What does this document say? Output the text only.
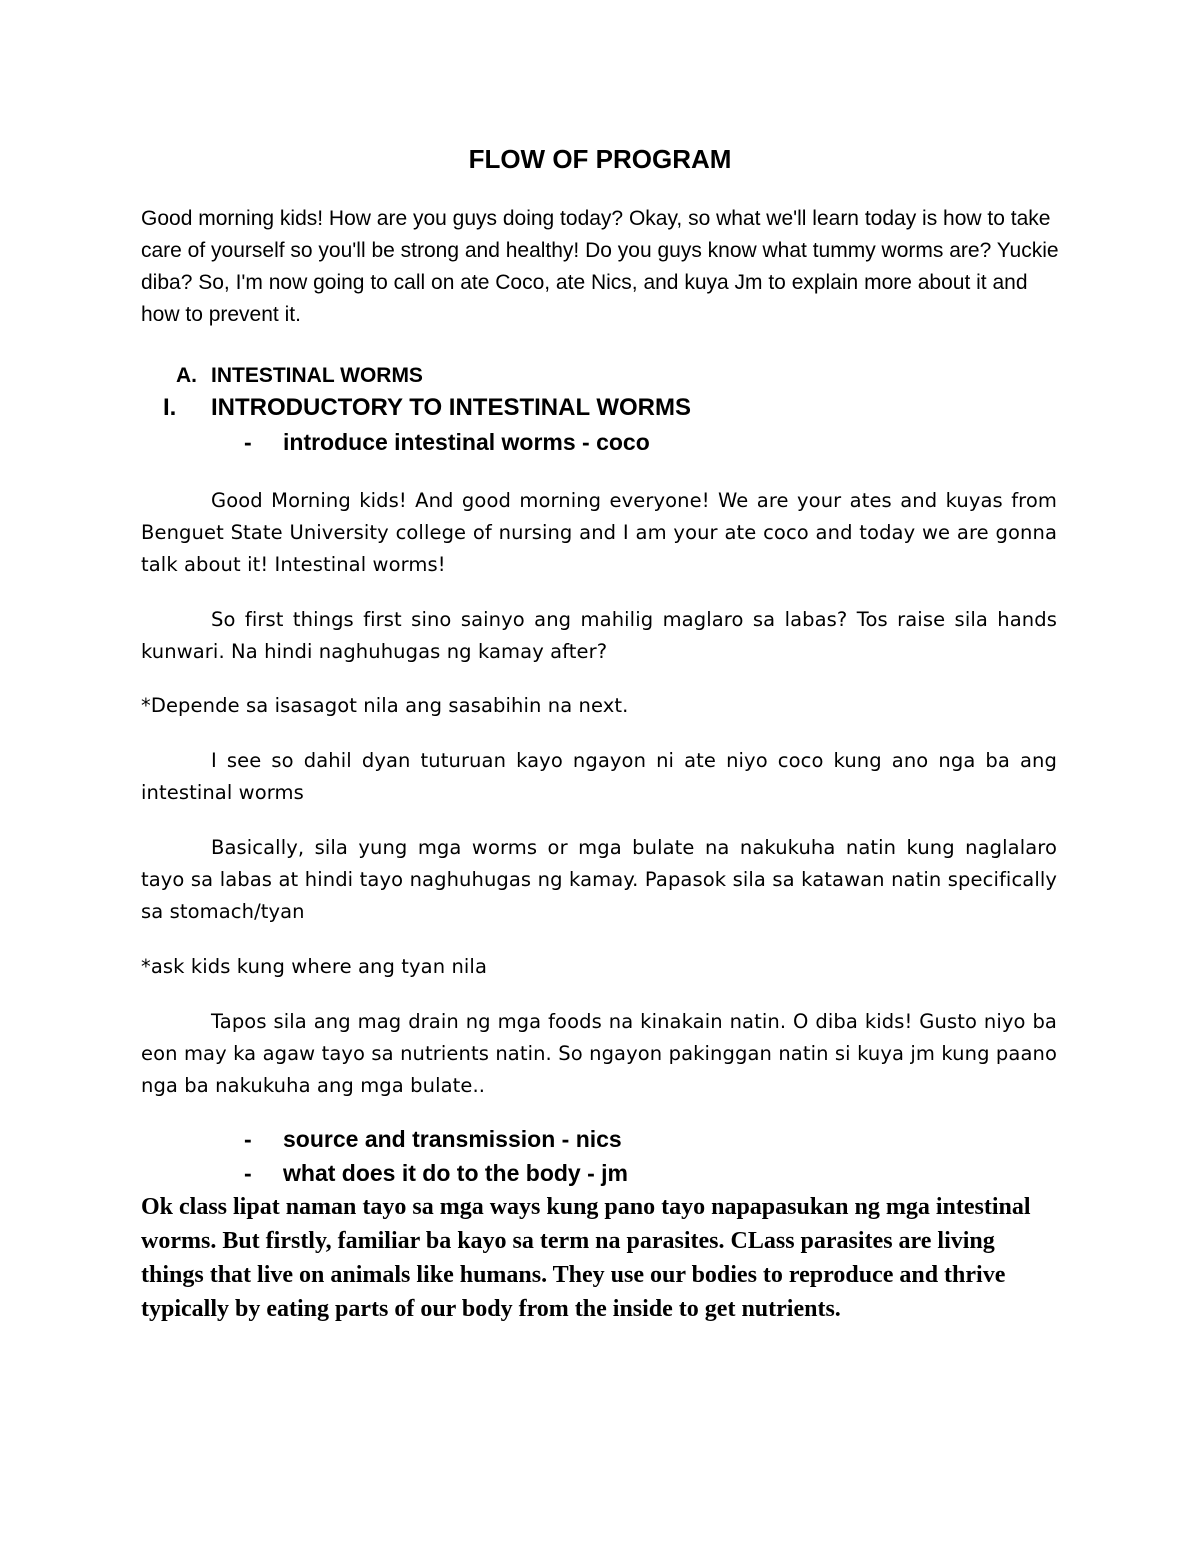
FLOW OF PROGRAM
Good morning kids! How are you guys doing today? Okay, so what we'll learn today is how to take care of yourself so you'll be strong and healthy! Do you guys know what tummy worms are? Yuckie diba? So, I'm now going to call on ate Coco, ate Nics, and kuya Jm to explain more about it and how to prevent it.
A. INTESTINAL WORMS
I. INTRODUCTORY TO INTESTINAL WORMS
- introduce intestinal worms - coco
Good Morning kids! And good morning everyone! We are your ates and kuyas from Benguet State University college of nursing and I am your ate coco and today we are gonna talk about it! Intestinal worms!
So first things first sino sainyo ang mahilig maglaro sa labas? Tos raise sila hands kunwari. Na hindi naghuhugas ng kamay after?
*Depende sa isasagot nila ang sasabihin na next.
I see so dahil dyan tuturuan kayo ngayon ni ate niyo coco kung ano nga ba ang intestinal worms
Basically, sila yung mga worms or mga bulate na nakukuha natin kung naglalaro tayo sa labas at hindi tayo naghuhugas ng kamay. Papasok sila sa katawan natin specifically sa stomach/tyan
*ask kids kung where ang tyan nila
Tapos sila ang mag drain ng mga foods na kinakain natin. O diba kids! Gusto niyo ba eon may ka agaw tayo sa nutrients natin. So ngayon pakinggan natin si kuya jm kung paano nga ba nakukuha ang mga bulate..
- source and transmission - nics
- what does it do to the body - jm
Ok class lipat naman tayo sa mga ways kung pano tayo napapasukan ng mga intestinal worms. But firstly, familiar ba kayo sa term na parasites. CLass parasites are living things that live on animals like humans. They use our bodies to reproduce and thrive typically by eating parts of our body from the inside to get nutrients.
